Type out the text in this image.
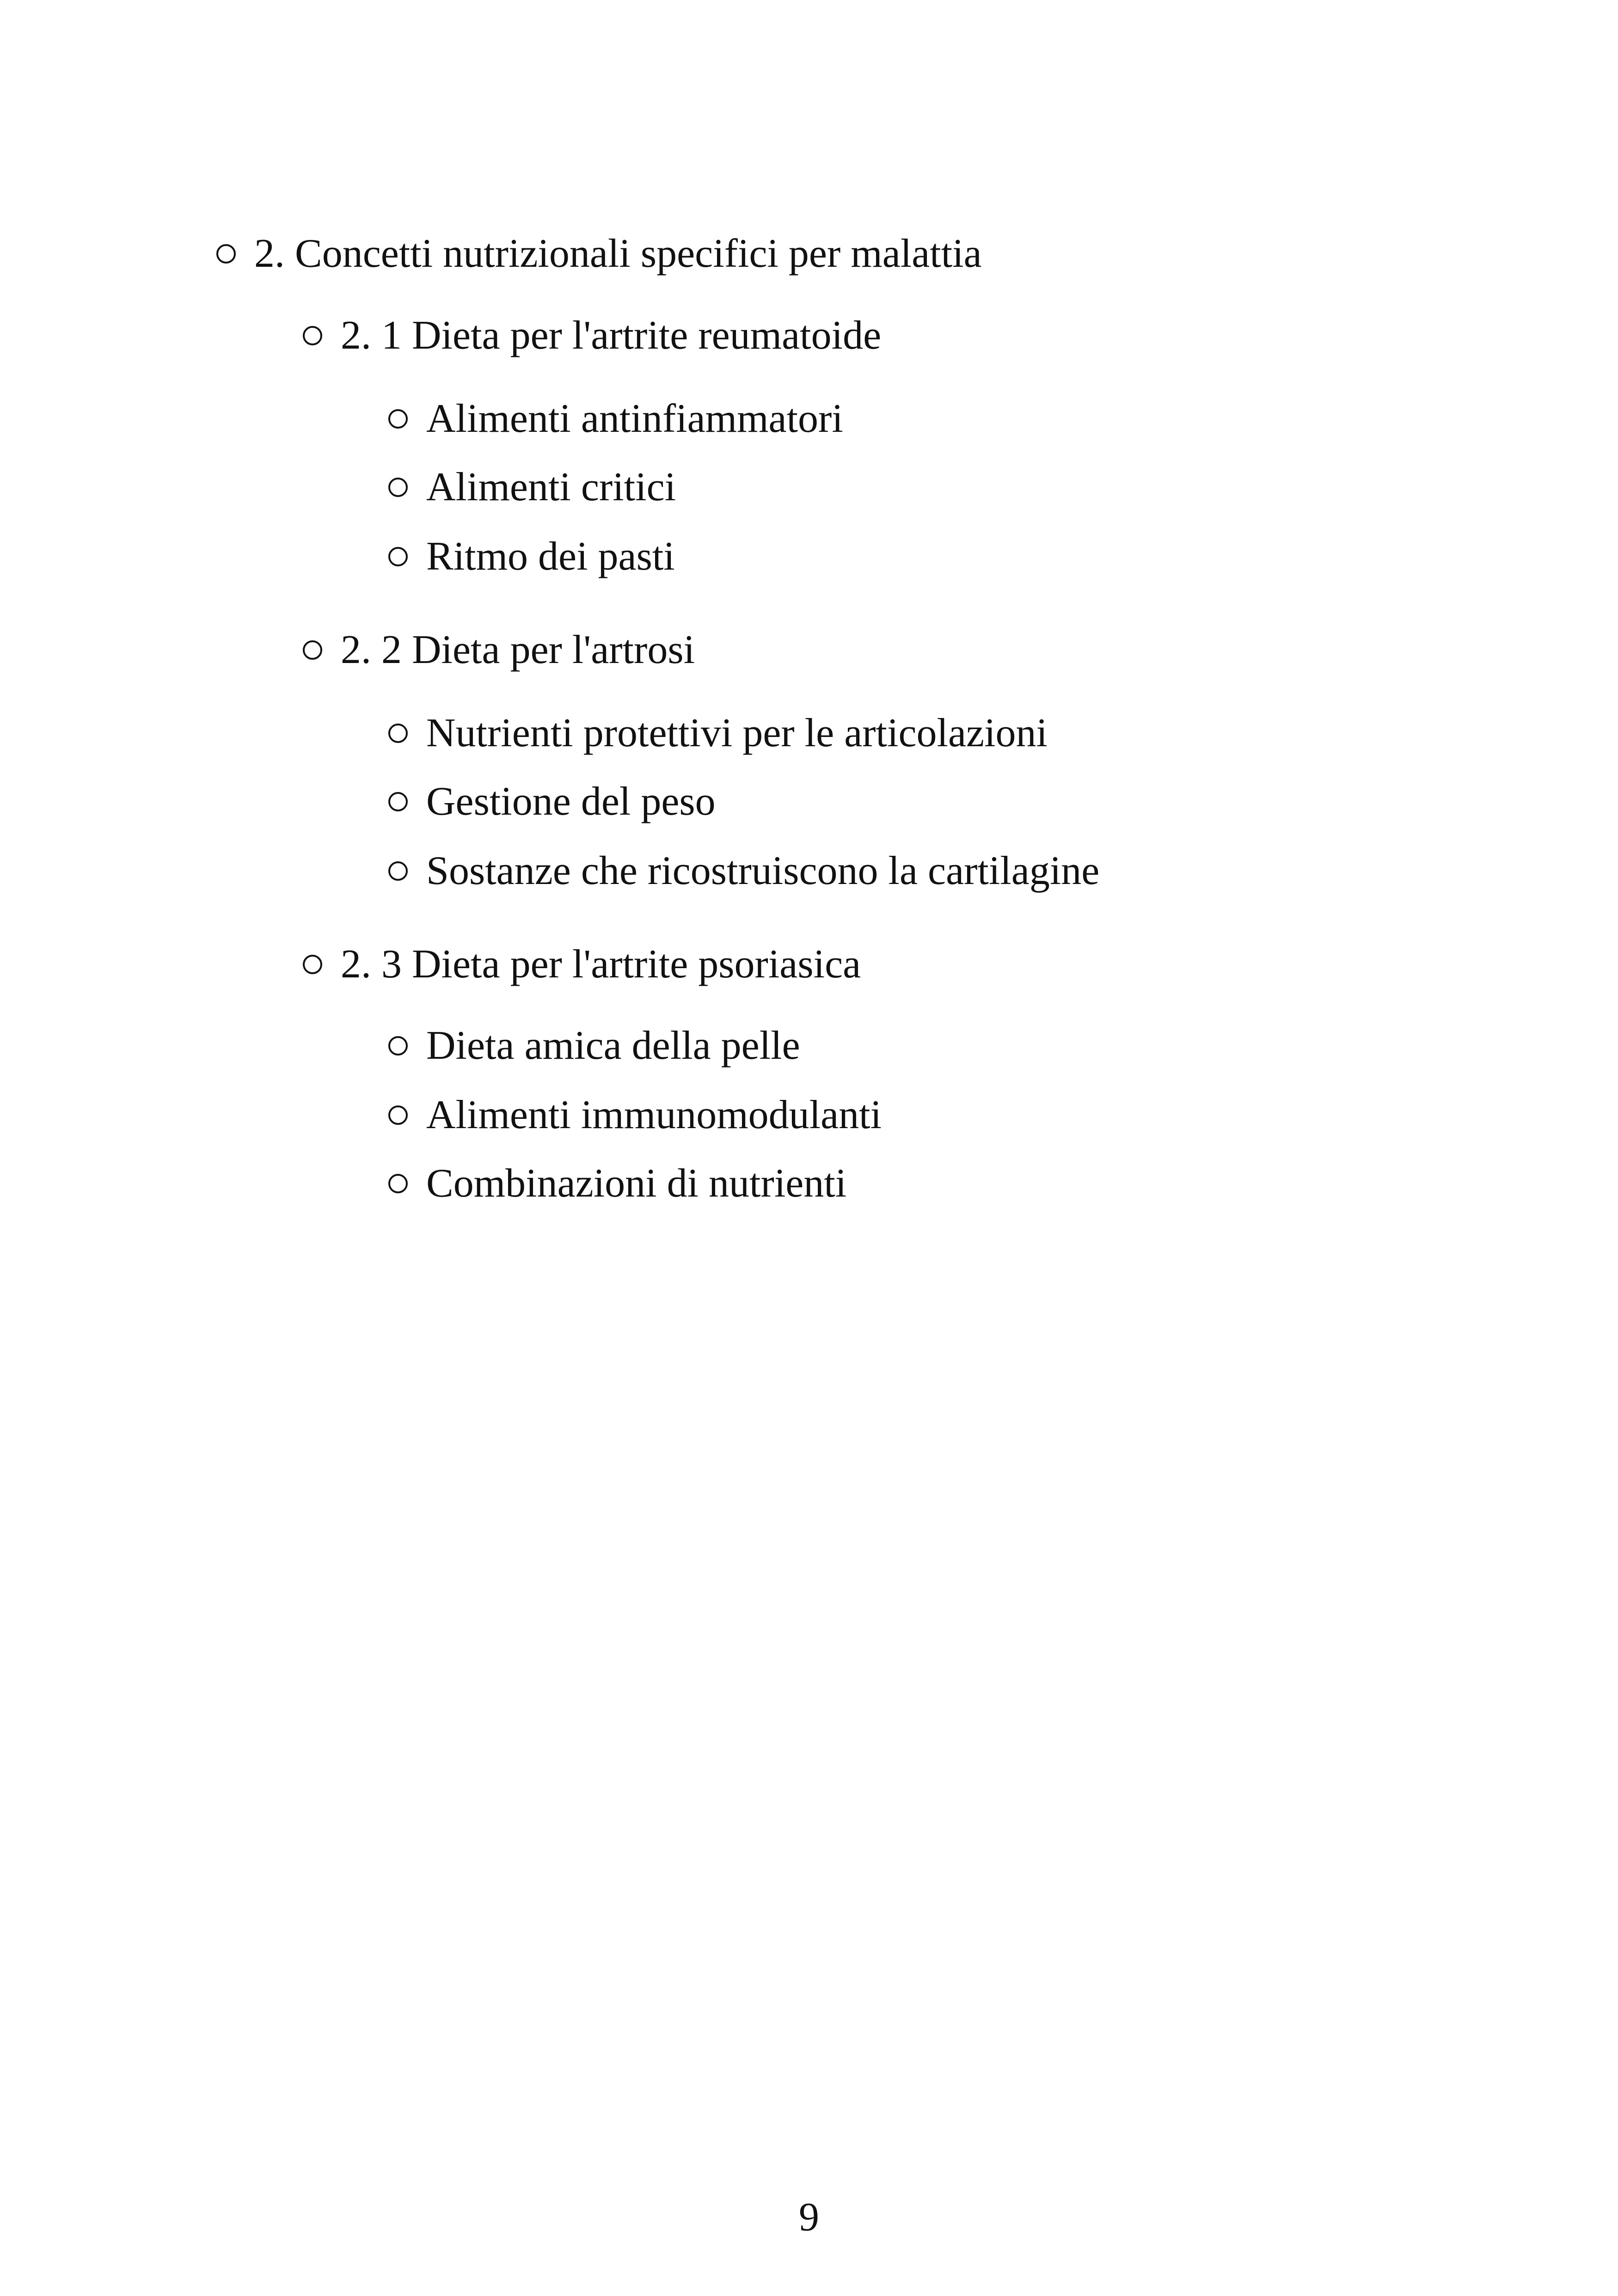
2. Concetti nutrizionali specifici per malattia
2. 1 Dieta per l'artrite reumatoide
Alimenti antinfiammatori
Alimenti critici
Ritmo dei pasti
2. 2 Dieta per l'artrosi
Nutrienti protettivi per le articolazioni
Gestione del peso
Sostanze che ricostruiscono la cartilagine
2. 3 Dieta per l'artrite psoriasica
Dieta amica della pelle
Alimenti immunomodulanti
Combinazioni di nutrienti
9
